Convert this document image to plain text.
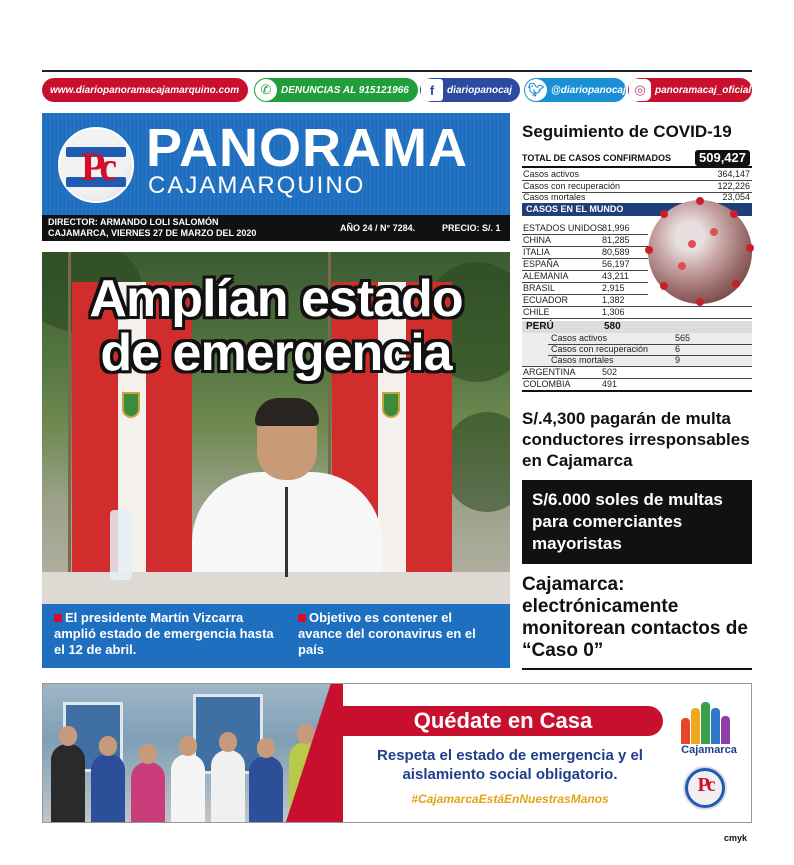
www.diariopanoramacajamarquino.com	✆ DENUNCIAS AL 915121966	f	diariopanocaj 🐦︎ @diariopanocaj ◎ panoramacaj_oficial
Pc PANORAMA
CAJAMARQUINO
DIRECTOR: ARMANDO LOLI SALOMÓN
CAJAMARCA, VIERNES 27 DE MARZO DEL 2020	AÑO 24 / N° 7284.	PRECIO: S/. 1
Amplían estado
de emergencia
El presidente Martín Vizcarra amplió estado de emergencia hasta el 12 de abril.
Objetivo es contener el avance del coronavirus en el país
Seguimiento de COVID-19
TOTAL DE CASOS CONFIRMADOS	509,427
Casos activos	364,147
Casos con recuperación	122,226
Casos mortales	23,054
CASOS EN EL MUNDO
ESTADOS UNIDOS 81,996
CHINA	81,285
ITALIA	80,589
ESPAÑA	56,197
ALEMANIA	43,211
BRASIL	2,915
ECUADOR	1,382
CHILE	1,306
PERÚ	580
Casos activos	565
Casos con recuperación	6
Casos mortales	9
ARGENTINA	502
COLOMBIA	491
S/.4,300 pagarán de multa conductores irresponsables en Cajamarca
S/6.000 soles de multas para comerciantes mayoristas
Cajamarca: electrónicamente monitorean contactos de “Caso 0”
Quédate en Casa
Respeta el estado de emergencia y el aislamiento social obligatorio.
#CajamarcaEstáEnNuestrasManos
Cajamarca
Pc
cmyk
